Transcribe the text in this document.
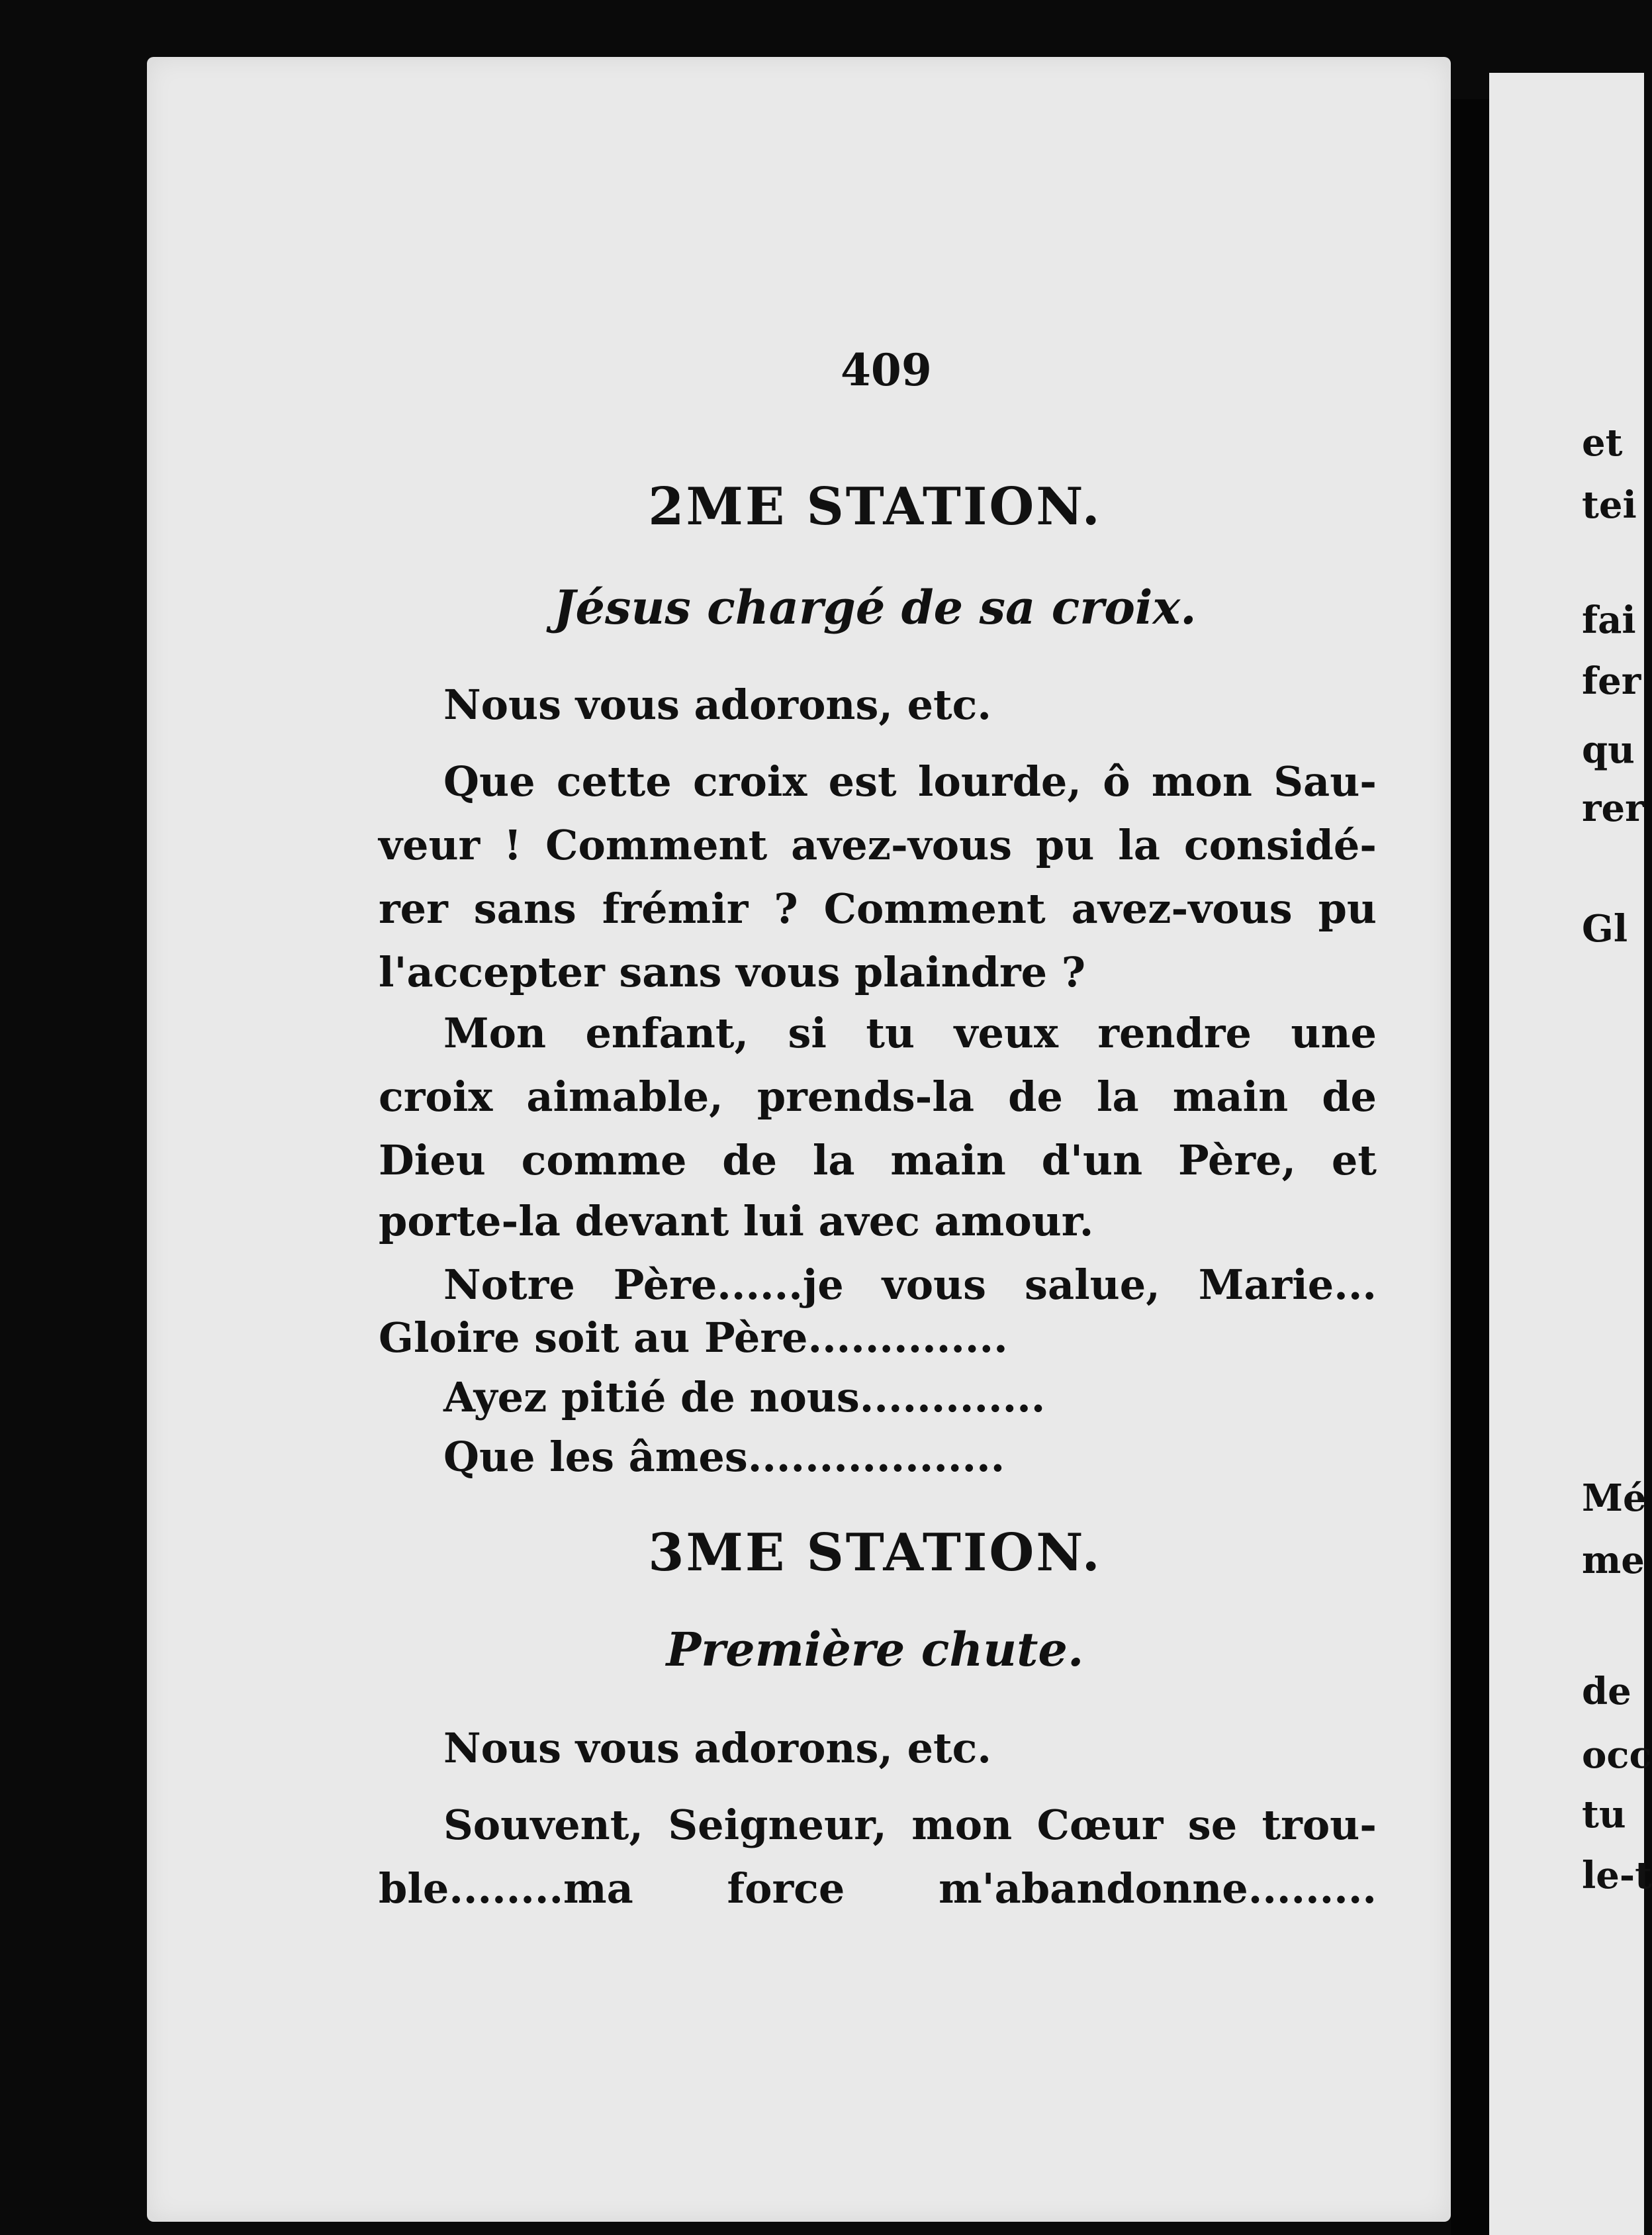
409
2ME STATION.
Jésus chargé de sa croix.
Nous vous adorons, etc.
Que cette croix est lourde, ô mon Sau-
veur ! Comment avez-vous pu la considé-
rer sans frémir ? Comment avez-vous pu
l'accepter sans vous plaindre ?
Mon enfant, si tu veux rendre une
croix aimable, prends-la de la main de
Dieu comme de la main d'un Père, et
porte-la devant lui avec amour.
Notre Père......je vous salue, Marie...
Gloire soit au Père..............
Ayez pitié de nous.............
Que les âmes..................
3ME STATION.
Première chute.
Nous vous adorons, etc.
Souvent, Seigneur, mon Cœur se trou-
ble........ma force m'abandonne.........
et
tei
fai
fer
qu
rer
Gl
Mé
me
de
occ
tu
le-t
